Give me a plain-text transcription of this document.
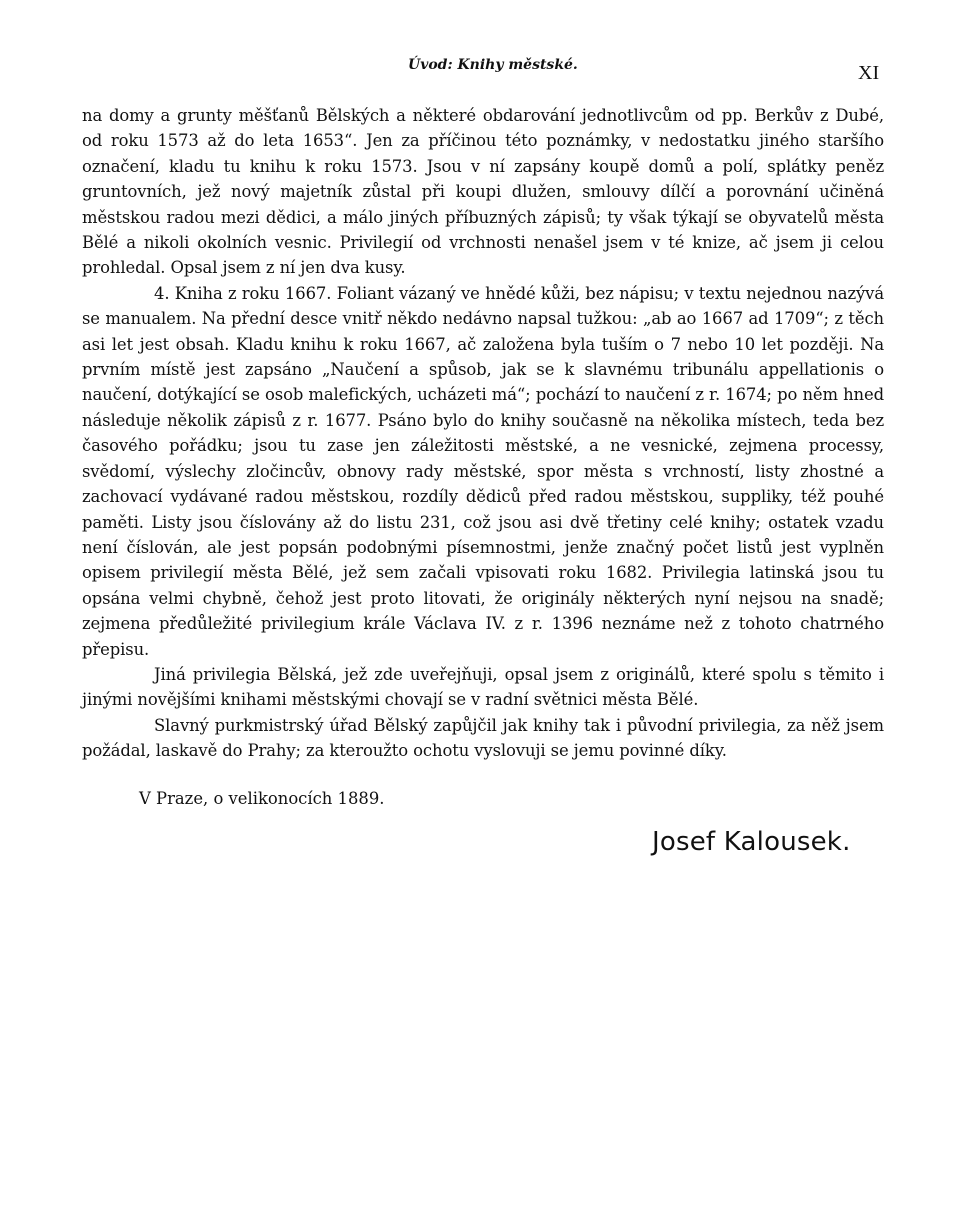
Úvod: Knihy městské.	XI

na domy a grunty měšťanů Bělských a některé obdarování jednotlivcům od pp. Berkův z Dubé, od roku 1573 až do leta 1653“. Jen za příčinou této poznámky, v nedostatku jiného staršího označení, kladu tu knihu k roku 1573. Jsou v ní zapsány koupě domů a polí, splátky peněz gruntovních, jež nový majetník zůstal při koupi dlužen, smlouvy dílčí a porovnání učiněná městskou radou mezi dědici, a málo jiných příbuzných zápisů; ty však týkají se obyvatelů města Bělé a nikoli okolních vesnic. Privilegií od vrchnosti nenašel jsem v té knize, ač jsem ji celou prohledal. Opsal jsem z ní jen dva kusy.

4. Kniha z roku 1667. Foliant vázaný ve hnědé kůži, bez nápisu; v textu nejednou nazývá se manualem. Na přední desce vnitř někdo nedávno napsal tužkou: „ab ao 1667 ad 1709“; z těch asi let jest obsah. Kladu knihu k roku 1667, ač založena byla tuším o 7 nebo 10 let později. Na prvním místě jest zapsáno „Naučení a spůsob, jak se k slavnému tribunálu appellationis o naučení, dotýkající se osob malefických, ucházeti má“; pochází to naučení z r. 1674; po něm hned následuje několik zápisů z r. 1677. Psáno bylo do knihy současně na několika místech, teda bez časového pořádku; jsou tu zase jen záležitosti městské, a ne vesnické, zejmena processy, svědomí, výslechy zločincův, obnovy rady městské, spor města s vrchností, listy zhostné a zachovací vydávané radou městskou, rozdíly dědiců před radou městskou, suppliky, též pouhé paměti. Listy jsou číslovány až do listu 231, což jsou asi dvě třetiny celé knihy; ostatek vzadu není číslován, ale jest popsán podobnými písemnostmi, jenže značný počet listů jest vyplněn opisem privilegií města Bělé, jež sem začali vpisovati roku 1682. Privilegia latinská jsou tu opsána velmi chybně, čehož jest proto litovati, že originály některých nyní nejsou na snadě; zejmena předůležité privilegium krále Václava IV. z r. 1396 neznáme než z tohoto chatrného přepisu.

Jiná privilegia Bělská, jež zde uveřejňuji, opsal jsem z originálů, které spolu s těmito i jinými novějšími knihami městskými chovají se v radní světnici města Bělé.

Slavný purkmistrský úřad Bělský zapůjčil jak knihy tak i původní privilegia, za něž jsem požádal, laskavě do Prahy; za kteroužto ochotu vyslovuji se jemu povinné díky.

V Praze, o velikonocích 1889.
Josef Kalousek.
